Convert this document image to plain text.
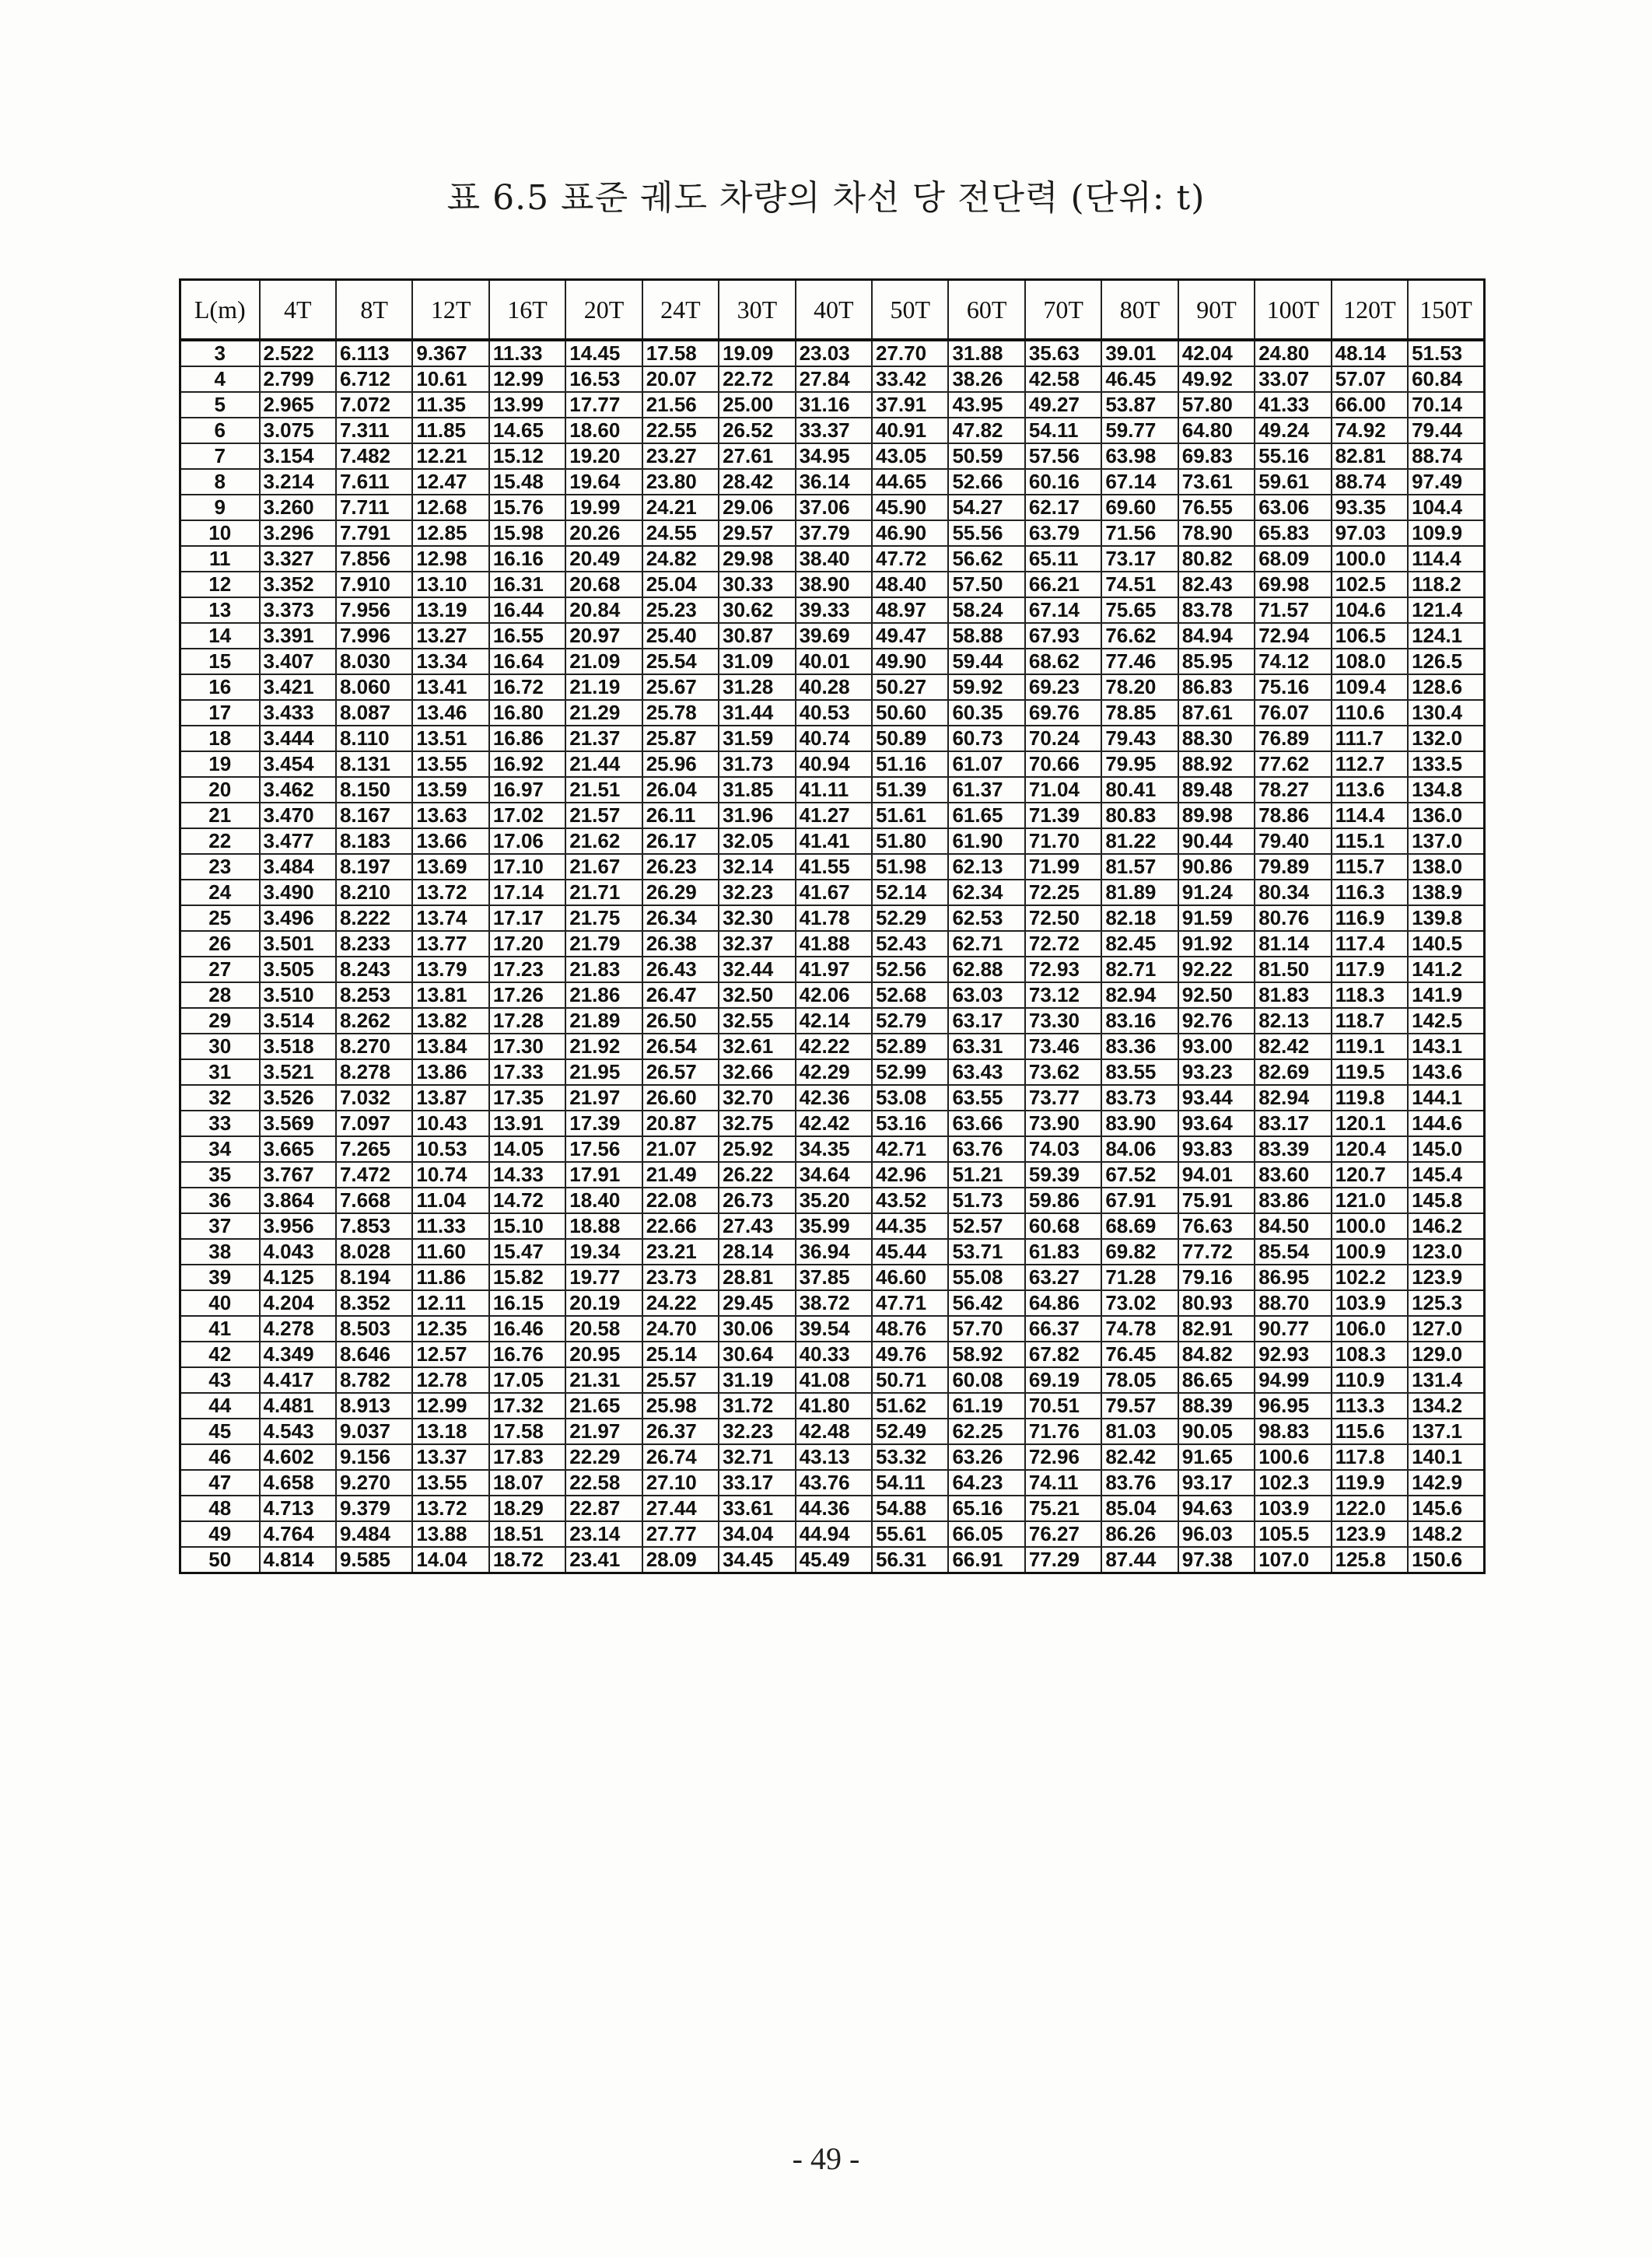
표 6.5 표준 궤도 차량의 차선 당 전단력 (단위: t)
L(m)	4T	8T	12T	16T	20T	24T	30T	40T	50T	60T	70T	80T	90T	100T	120T	150T
3	2.522	6.113	9.367	11.33	14.45	17.58	19.09	23.03	27.70	31.88	35.63	39.01	42.04	24.80	48.14	51.53
4	2.799	6.712	10.61	12.99	16.53	20.07	22.72	27.84	33.42	38.26	42.58	46.45	49.92	33.07	57.07	60.84
5	2.965	7.072	11.35	13.99	17.77	21.56	25.00	31.16	37.91	43.95	49.27	53.87	57.80	41.33	66.00	70.14
6	3.075	7.311	11.85	14.65	18.60	22.55	26.52	33.37	40.91	47.82	54.11	59.77	64.80	49.24	74.92	79.44
7	3.154	7.482	12.21	15.12	19.20	23.27	27.61	34.95	43.05	50.59	57.56	63.98	69.83	55.16	82.81	88.74
8	3.214	7.611	12.47	15.48	19.64	23.80	28.42	36.14	44.65	52.66	60.16	67.14	73.61	59.61	88.74	97.49
9	3.260	7.711	12.68	15.76	19.99	24.21	29.06	37.06	45.90	54.27	62.17	69.60	76.55	63.06	93.35	104.4
10	3.296	7.791	12.85	15.98	20.26	24.55	29.57	37.79	46.90	55.56	63.79	71.56	78.90	65.83	97.03	109.9
11	3.327	7.856	12.98	16.16	20.49	24.82	29.98	38.40	47.72	56.62	65.11	73.17	80.82	68.09	100.0	114.4
12	3.352	7.910	13.10	16.31	20.68	25.04	30.33	38.90	48.40	57.50	66.21	74.51	82.43	69.98	102.5	118.2
13	3.373	7.956	13.19	16.44	20.84	25.23	30.62	39.33	48.97	58.24	67.14	75.65	83.78	71.57	104.6	121.4
14	3.391	7.996	13.27	16.55	20.97	25.40	30.87	39.69	49.47	58.88	67.93	76.62	84.94	72.94	106.5	124.1
15	3.407	8.030	13.34	16.64	21.09	25.54	31.09	40.01	49.90	59.44	68.62	77.46	85.95	74.12	108.0	126.5
16	3.421	8.060	13.41	16.72	21.19	25.67	31.28	40.28	50.27	59.92	69.23	78.20	86.83	75.16	109.4	128.6
17	3.433	8.087	13.46	16.80	21.29	25.78	31.44	40.53	50.60	60.35	69.76	78.85	87.61	76.07	110.6	130.4
18	3.444	8.110	13.51	16.86	21.37	25.87	31.59	40.74	50.89	60.73	70.24	79.43	88.30	76.89	111.7	132.0
19	3.454	8.131	13.55	16.92	21.44	25.96	31.73	40.94	51.16	61.07	70.66	79.95	88.92	77.62	112.7	133.5
20	3.462	8.150	13.59	16.97	21.51	26.04	31.85	41.11	51.39	61.37	71.04	80.41	89.48	78.27	113.6	134.8
21	3.470	8.167	13.63	17.02	21.57	26.11	31.96	41.27	51.61	61.65	71.39	80.83	89.98	78.86	114.4	136.0
22	3.477	8.183	13.66	17.06	21.62	26.17	32.05	41.41	51.80	61.90	71.70	81.22	90.44	79.40	115.1	137.0
23	3.484	8.197	13.69	17.10	21.67	26.23	32.14	41.55	51.98	62.13	71.99	81.57	90.86	79.89	115.7	138.0
24	3.490	8.210	13.72	17.14	21.71	26.29	32.23	41.67	52.14	62.34	72.25	81.89	91.24	80.34	116.3	138.9
25	3.496	8.222	13.74	17.17	21.75	26.34	32.30	41.78	52.29	62.53	72.50	82.18	91.59	80.76	116.9	139.8
26	3.501	8.233	13.77	17.20	21.79	26.38	32.37	41.88	52.43	62.71	72.72	82.45	91.92	81.14	117.4	140.5
27	3.505	8.243	13.79	17.23	21.83	26.43	32.44	41.97	52.56	62.88	72.93	82.71	92.22	81.50	117.9	141.2
28	3.510	8.253	13.81	17.26	21.86	26.47	32.50	42.06	52.68	63.03	73.12	82.94	92.50	81.83	118.3	141.9
29	3.514	8.262	13.82	17.28	21.89	26.50	32.55	42.14	52.79	63.17	73.30	83.16	92.76	82.13	118.7	142.5
30	3.518	8.270	13.84	17.30	21.92	26.54	32.61	42.22	52.89	63.31	73.46	83.36	93.00	82.42	119.1	143.1
31	3.521	8.278	13.86	17.33	21.95	26.57	32.66	42.29	52.99	63.43	73.62	83.55	93.23	82.69	119.5	143.6
32	3.526	7.032	13.87	17.35	21.97	26.60	32.70	42.36	53.08	63.55	73.77	83.73	93.44	82.94	119.8	144.1
33	3.569	7.097	10.43	13.91	17.39	20.87	32.75	42.42	53.16	63.66	73.90	83.90	93.64	83.17	120.1	144.6
34	3.665	7.265	10.53	14.05	17.56	21.07	25.92	34.35	42.71	63.76	74.03	84.06	93.83	83.39	120.4	145.0
35	3.767	7.472	10.74	14.33	17.91	21.49	26.22	34.64	42.96	51.21	59.39	67.52	94.01	83.60	120.7	145.4
36	3.864	7.668	11.04	14.72	18.40	22.08	26.73	35.20	43.52	51.73	59.86	67.91	75.91	83.86	121.0	145.8
37	3.956	7.853	11.33	15.10	18.88	22.66	27.43	35.99	44.35	52.57	60.68	68.69	76.63	84.50	100.0	146.2
38	4.043	8.028	11.60	15.47	19.34	23.21	28.14	36.94	45.44	53.71	61.83	69.82	77.72	85.54	100.9	123.0
39	4.125	8.194	11.86	15.82	19.77	23.73	28.81	37.85	46.60	55.08	63.27	71.28	79.16	86.95	102.2	123.9
40	4.204	8.352	12.11	16.15	20.19	24.22	29.45	38.72	47.71	56.42	64.86	73.02	80.93	88.70	103.9	125.3
41	4.278	8.503	12.35	16.46	20.58	24.70	30.06	39.54	48.76	57.70	66.37	74.78	82.91	90.77	106.0	127.0
42	4.349	8.646	12.57	16.76	20.95	25.14	30.64	40.33	49.76	58.92	67.82	76.45	84.82	92.93	108.3	129.0
43	4.417	8.782	12.78	17.05	21.31	25.57	31.19	41.08	50.71	60.08	69.19	78.05	86.65	94.99	110.9	131.4
44	4.481	8.913	12.99	17.32	21.65	25.98	31.72	41.80	51.62	61.19	70.51	79.57	88.39	96.95	113.3	134.2
45	4.543	9.037	13.18	17.58	21.97	26.37	32.23	42.48	52.49	62.25	71.76	81.03	90.05	98.83	115.6	137.1
46	4.602	9.156	13.37	17.83	22.29	26.74	32.71	43.13	53.32	63.26	72.96	82.42	91.65	100.6	117.8	140.1
47	4.658	9.270	13.55	18.07	22.58	27.10	33.17	43.76	54.11	64.23	74.11	83.76	93.17	102.3	119.9	142.9
48	4.713	9.379	13.72	18.29	22.87	27.44	33.61	44.36	54.88	65.16	75.21	85.04	94.63	103.9	122.0	145.6
49	4.764	9.484	13.88	18.51	23.14	27.77	34.04	44.94	55.61	66.05	76.27	86.26	96.03	105.5	123.9	148.2
50	4.814	9.585	14.04	18.72	23.41	28.09	34.45	45.49	56.31	66.91	77.29	87.44	97.38	107.0	125.8	150.6
- 49 -
